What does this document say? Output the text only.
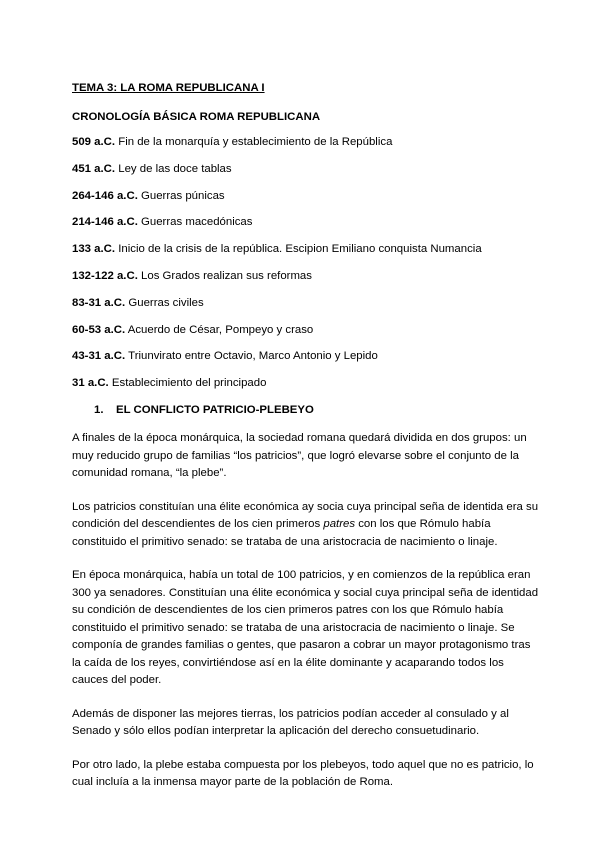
TEMA 3: LA ROMA REPUBLICANA I

CRONOLOGÍA BÁSICA ROMA REPUBLICANA

509 a.C. Fin de la monarquía y establecimiento de la República
451 a.C. Ley de las doce tablas
264-146 a.C. Guerras púnicas
214-146 a.C. Guerras macedónicas
133 a.C. Inicio de la crisis de la república. Escipion Emiliano conquista Numancia
132-122 a.C. Los Grados realizan sus reformas
83-31 a.C. Guerras civiles
60-53 a.C. Acuerdo de César, Pompeyo y craso
43-31 a.C. Triunvirato entre Octavio, Marco Antonio y Lepido
31 a.C. Establecimiento del principado

1. EL CONFLICTO PATRICIO-PLEBEYO

A finales de la época monárquica, la sociedad romana quedará dividida en dos grupos: un muy reducido grupo de familias “los patricios”, que logró elevarse sobre el conjunto de la comunidad romana, “la plebe”.

Los patricios constituían una élite económica ay socia cuya principal seña de identida era su condición del descendientes de los cien primeros patres con los que Rómulo había constituido el primitivo senado: se trataba de una aristocracia de nacimiento o linaje.

En época monárquica, había un total de 100 patricios, y en comienzos de la república eran 300 ya senadores. Constituían una élite económica y social cuya principal seña de identidad su condición de descendientes de los cien primeros patres con los que Rómulo había constituido el primitivo senado: se trataba de una aristocracia de nacimiento o linaje. Se componía de grandes familias o gentes, que pasaron a cobrar un mayor protagonismo tras la caída de los reyes, convirtiéndose así en la élite dominante y acaparando todos los cauces del poder.

Además de disponer las mejores tierras, los patricios podían acceder al consulado y al Senado y sólo ellos podían interpretar la aplicación del derecho consuetudinario.

Por otro lado, la plebe estaba compuesta por los plebeyos, todo aquel que no es patricio, lo cual incluía a la inmensa mayor parte de la población de Roma.
